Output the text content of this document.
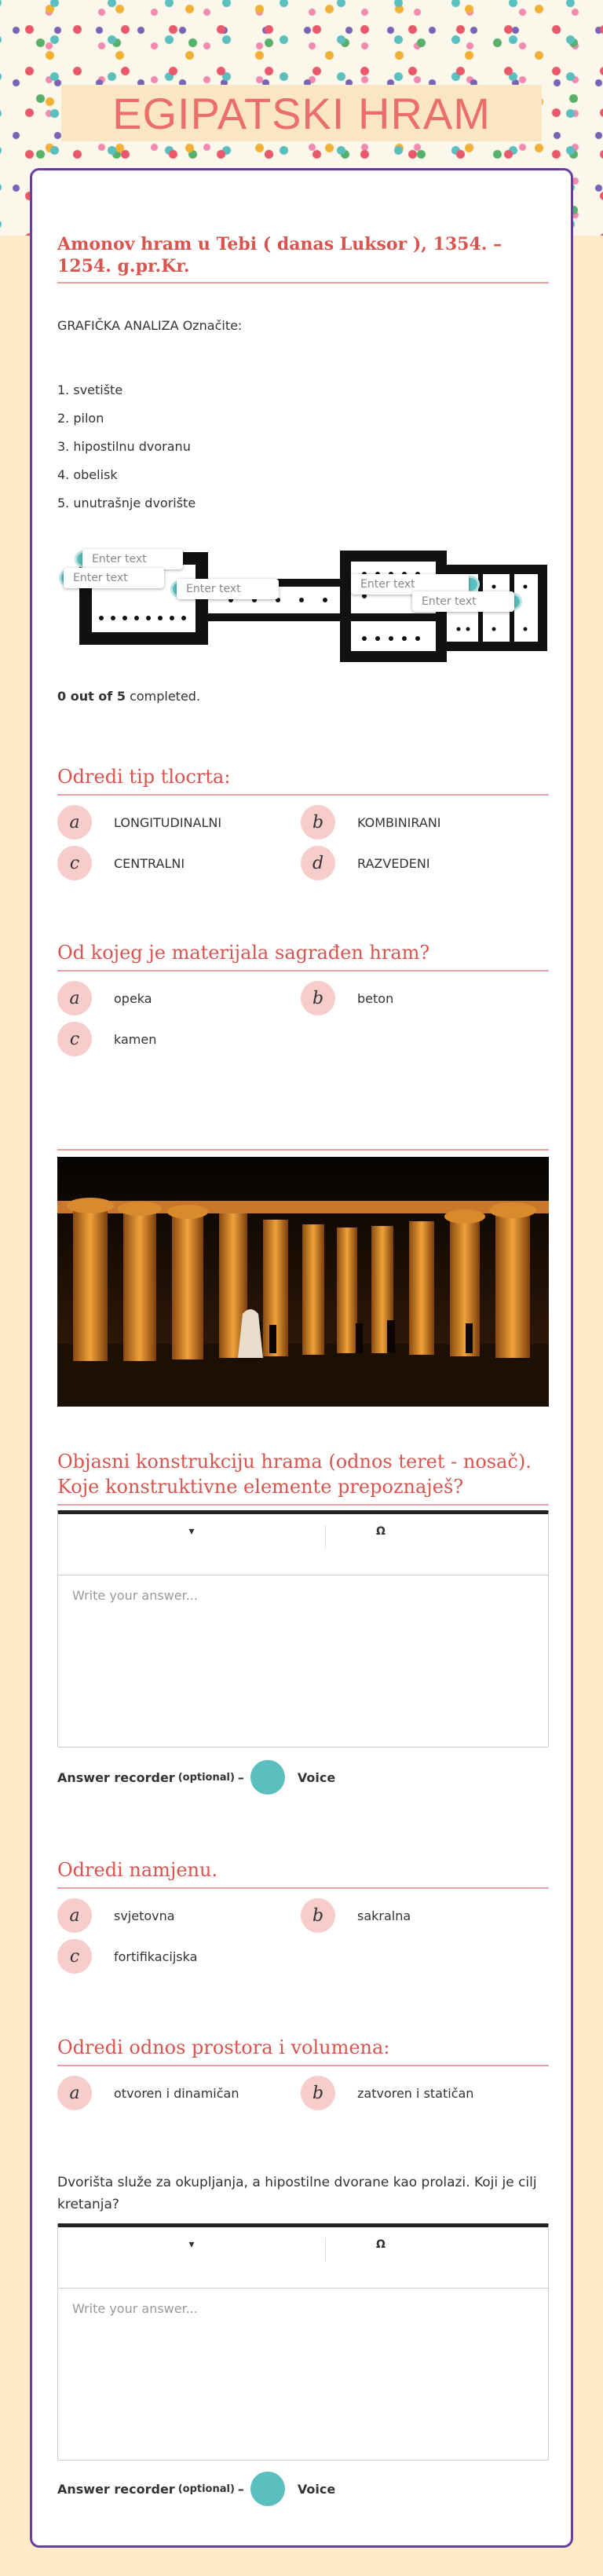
EGIPATSKI HRAM
Amonov hram u Tebi ( danas Luksor ), 1354. – 1254. g.pr.Kr.
GRAFIČKA ANALIZA Označite:
1. svetište
2. pilon
3. hipostilnu dvoranu
4. obelisk
5. unutrašnje dvorište
Enter text
Enter text
Enter text	Enter text
Enter text
0 out of 5 completed.
Odredi tip tlocrta:
a	LONGITUDINALNI	b	KOMBINIRANI
c	CENTRALNI	d	RAZVEDENI
Od kojeg je materijala sagrađen hram?
a	opeka	b	beton
c	kamen
Objasni konstrukciju hrama (odnos teret - nosač). Koje konstruktivne elemente prepoznaješ?
▾	Ω
Write your answer...
Answer recorder (optional) –	Voice
Odredi namjenu.
a	svjetovna	b	sakralna
c	fortifikacijska
Odredi odnos prostora i volumena:
a	otvoren i dinamičan	b	zatvoren i statičan
Dvorišta služe za okupljanja, a hipostilne dvorane kao prolazi. Koji je cilj kretanja?
▾	Ω
Write your answer...
Answer recorder (optional) –	Voice
